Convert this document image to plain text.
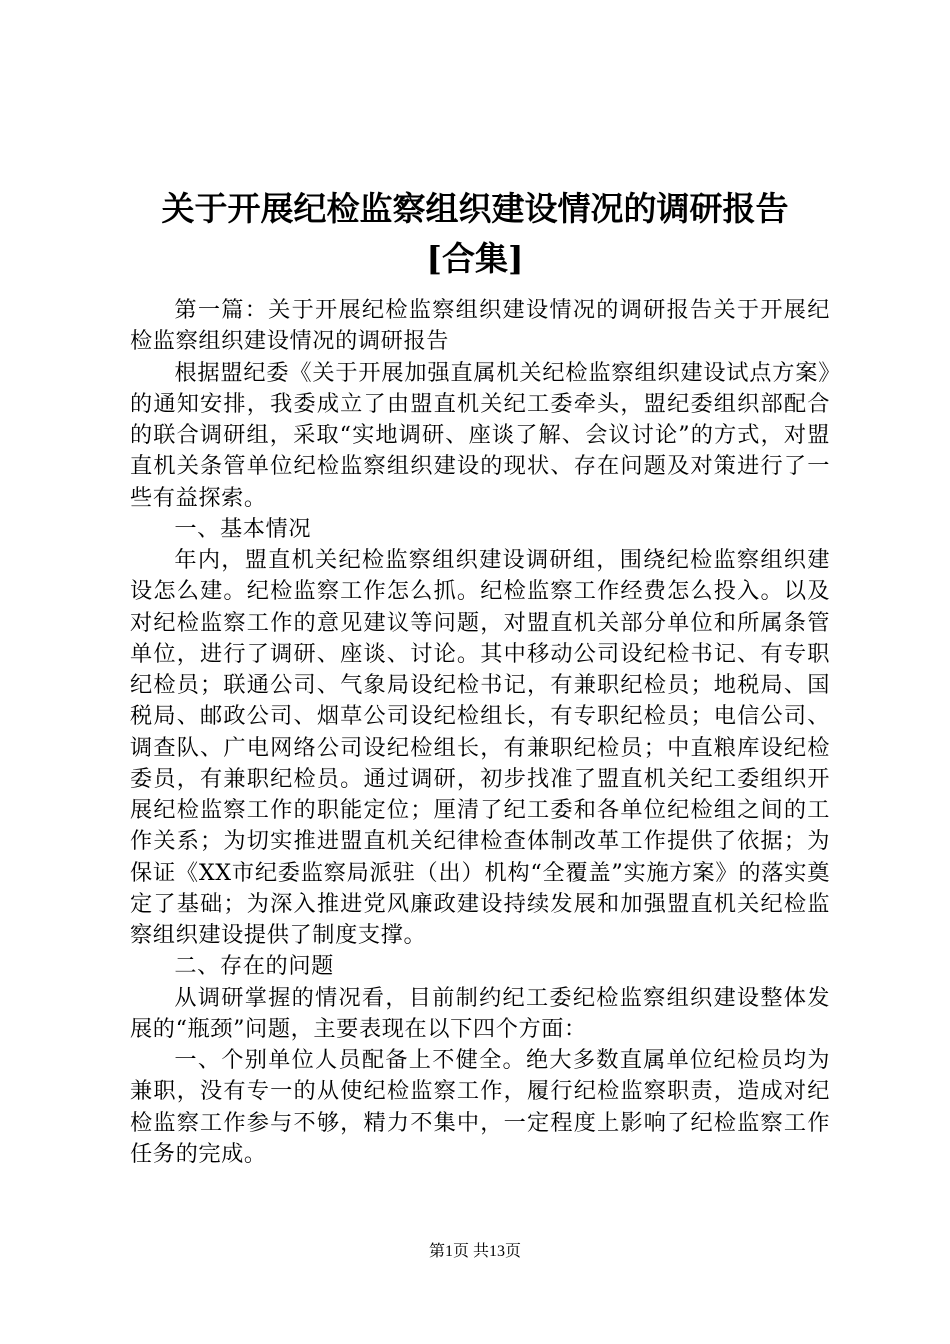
关于开展纪检监察组织建设情况的调研报告
[合集]

第一篇：关于开展纪检监察组织建设情况的调研报告关于开展纪检监察组织建设情况的调研报告

根据盟纪委《关于开展加强直属机关纪检监察组织建设试点方案》的通知安排，我委成立了由盟直机关纪工委牵头，盟纪委组织部配合的联合调研组，采取“实地调研、座谈了解、会议讨论”的方式，对盟直机关条管单位纪检监察组织建设的现状、存在问题及对策进行了一些有益探索。

一、基本情况

年内，盟直机关纪检监察组织建设调研组，围绕纪检监察组织建设怎么建。纪检监察工作怎么抓。纪检监察工作经费怎么投入。以及对纪检监察工作的意见建议等问题，对盟直机关部分单位和所属条管单位，进行了调研、座谈、讨论。其中移动公司设纪检书记、有专职纪检员；联通公司、气象局设纪检书记，有兼职纪检员；地税局、国税局、邮政公司、烟草公司设纪检组长，有专职纪检员；电信公司、调查队、广电网络公司设纪检组长，有兼职纪检员；中直粮库设纪检委员，有兼职纪检员。通过调研，初步找准了盟直机关纪工委组织开展纪检监察工作的职能定位；厘清了纪工委和各单位纪检组之间的工作关系；为切实推进盟直机关纪律检查体制改革工作提供了依据；为保证《XX市纪委监察局派驻（出）机构“全覆盖”实施方案》的落实奠定了基础；为深入推进党风廉政建设持续发展和加强盟直机关纪检监察组织建设提供了制度支撑。

二、存在的问题

从调研掌握的情况看，目前制约纪工委纪检监察组织建设整体发展的“瓶颈”问题，主要表现在以下四个方面：

一、个别单位人员配备上不健全。绝大多数直属单位纪检员均为兼职，没有专一的从使纪检监察工作，履行纪检监察职责，造成对纪检监察工作参与不够，精力不集中，一定程度上影响了纪检监察工作任务的完成。

第1页 共13页
